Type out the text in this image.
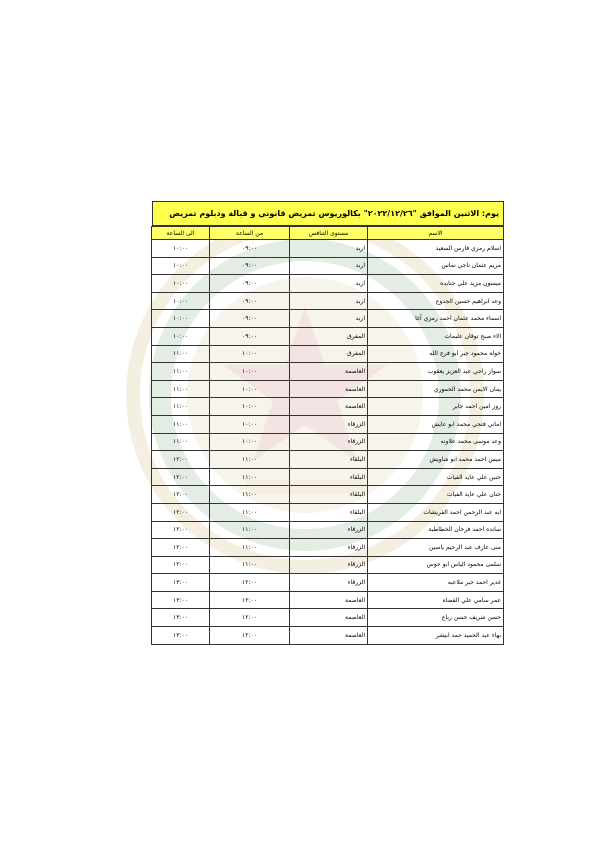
يوم: الاثنين الموافق "٢٠٢٢/١٢/٢٦" بكالوريوس تمريض قانوني و قبالة ودبلوم تمريض
الاسم	مستوى التنافس	من الساعة	الى الساعة
اسلام رمزي فارس السعيد	اربد	٠٩:٠٠	١٠:٠٠
مريم عثمان ناجي نماس	اربد	٠٩:٠٠	١٠:٠٠
ميسون مزيد علي جنايده	اربد	٠٩:٠٠	١٠:٠٠
وعد ابراهيم حسين الجدوع	اربد	٠٩:٠٠	١٠:٠٠
اسماء محمد عثمان احمد رمزي آغا	اربد	٠٩:٠٠	١٠:٠٠
الاء صبح توفان عليمات	المفرق	٠٩:٠٠	١٠:٠٠
خولة محمود جبر ابو فرج الله	المفرق	١٠:٠٠	١١:٠٠
سوار راجي عبد العزيز يعقوب	العاصمة	١٠:٠٠	١١:٠٠
يمان الايمن محمد الحموري	العاصمة	١٠:٠٠	١١:٠٠
روز امين احمد جابر	العاصمة	١٠:٠٠	١١:٠٠
اماني فتحي محمد ابو عايش	الزرقاء	١٠:٠٠	١١:٠٠
وعد موسى محمد علاونه	الزرقاء	١٠:٠٠	١١:٠٠
ميس احمد محمد ابو شاويش	البلقاء	١١:٠٠	١٢:٠٠
حنين علي عايد الفيات	البلقاء	١١:٠٠	١٢:٠٠
حنان علي عايد الفيات	البلقاء	١١:٠٠	١٢:٠٠
ايه عبد الرحمن احمد القريشات	البلقاء	١١:٠٠	١٢:٠٠
سانده احمد فرحان الخطاطبة	الزرقاء	١١:٠٠	١٢:٠٠
منى عارف عبد الرحيم ياسين	الزرقاء	١١:٠٠	١٢:٠٠
سلمى محمود الياس ابو حوس	الزرقاء	١١:٠٠	١٢:٠٠
غدير احمد جبر ملاعبه	الزرقاء	١٢:٠٠	١٣:٠٠
عمر سامي علي القضاه	العاصمة	١٢:٠٠	١٣:٠٠
حسن شريف حسن رباع	العاصمة	١٢:٠٠	١٣:٠٠
بهاء عبد الحميد حمد ابيشر	العاصمة	١٢:٠٠	١٣:٠٠
